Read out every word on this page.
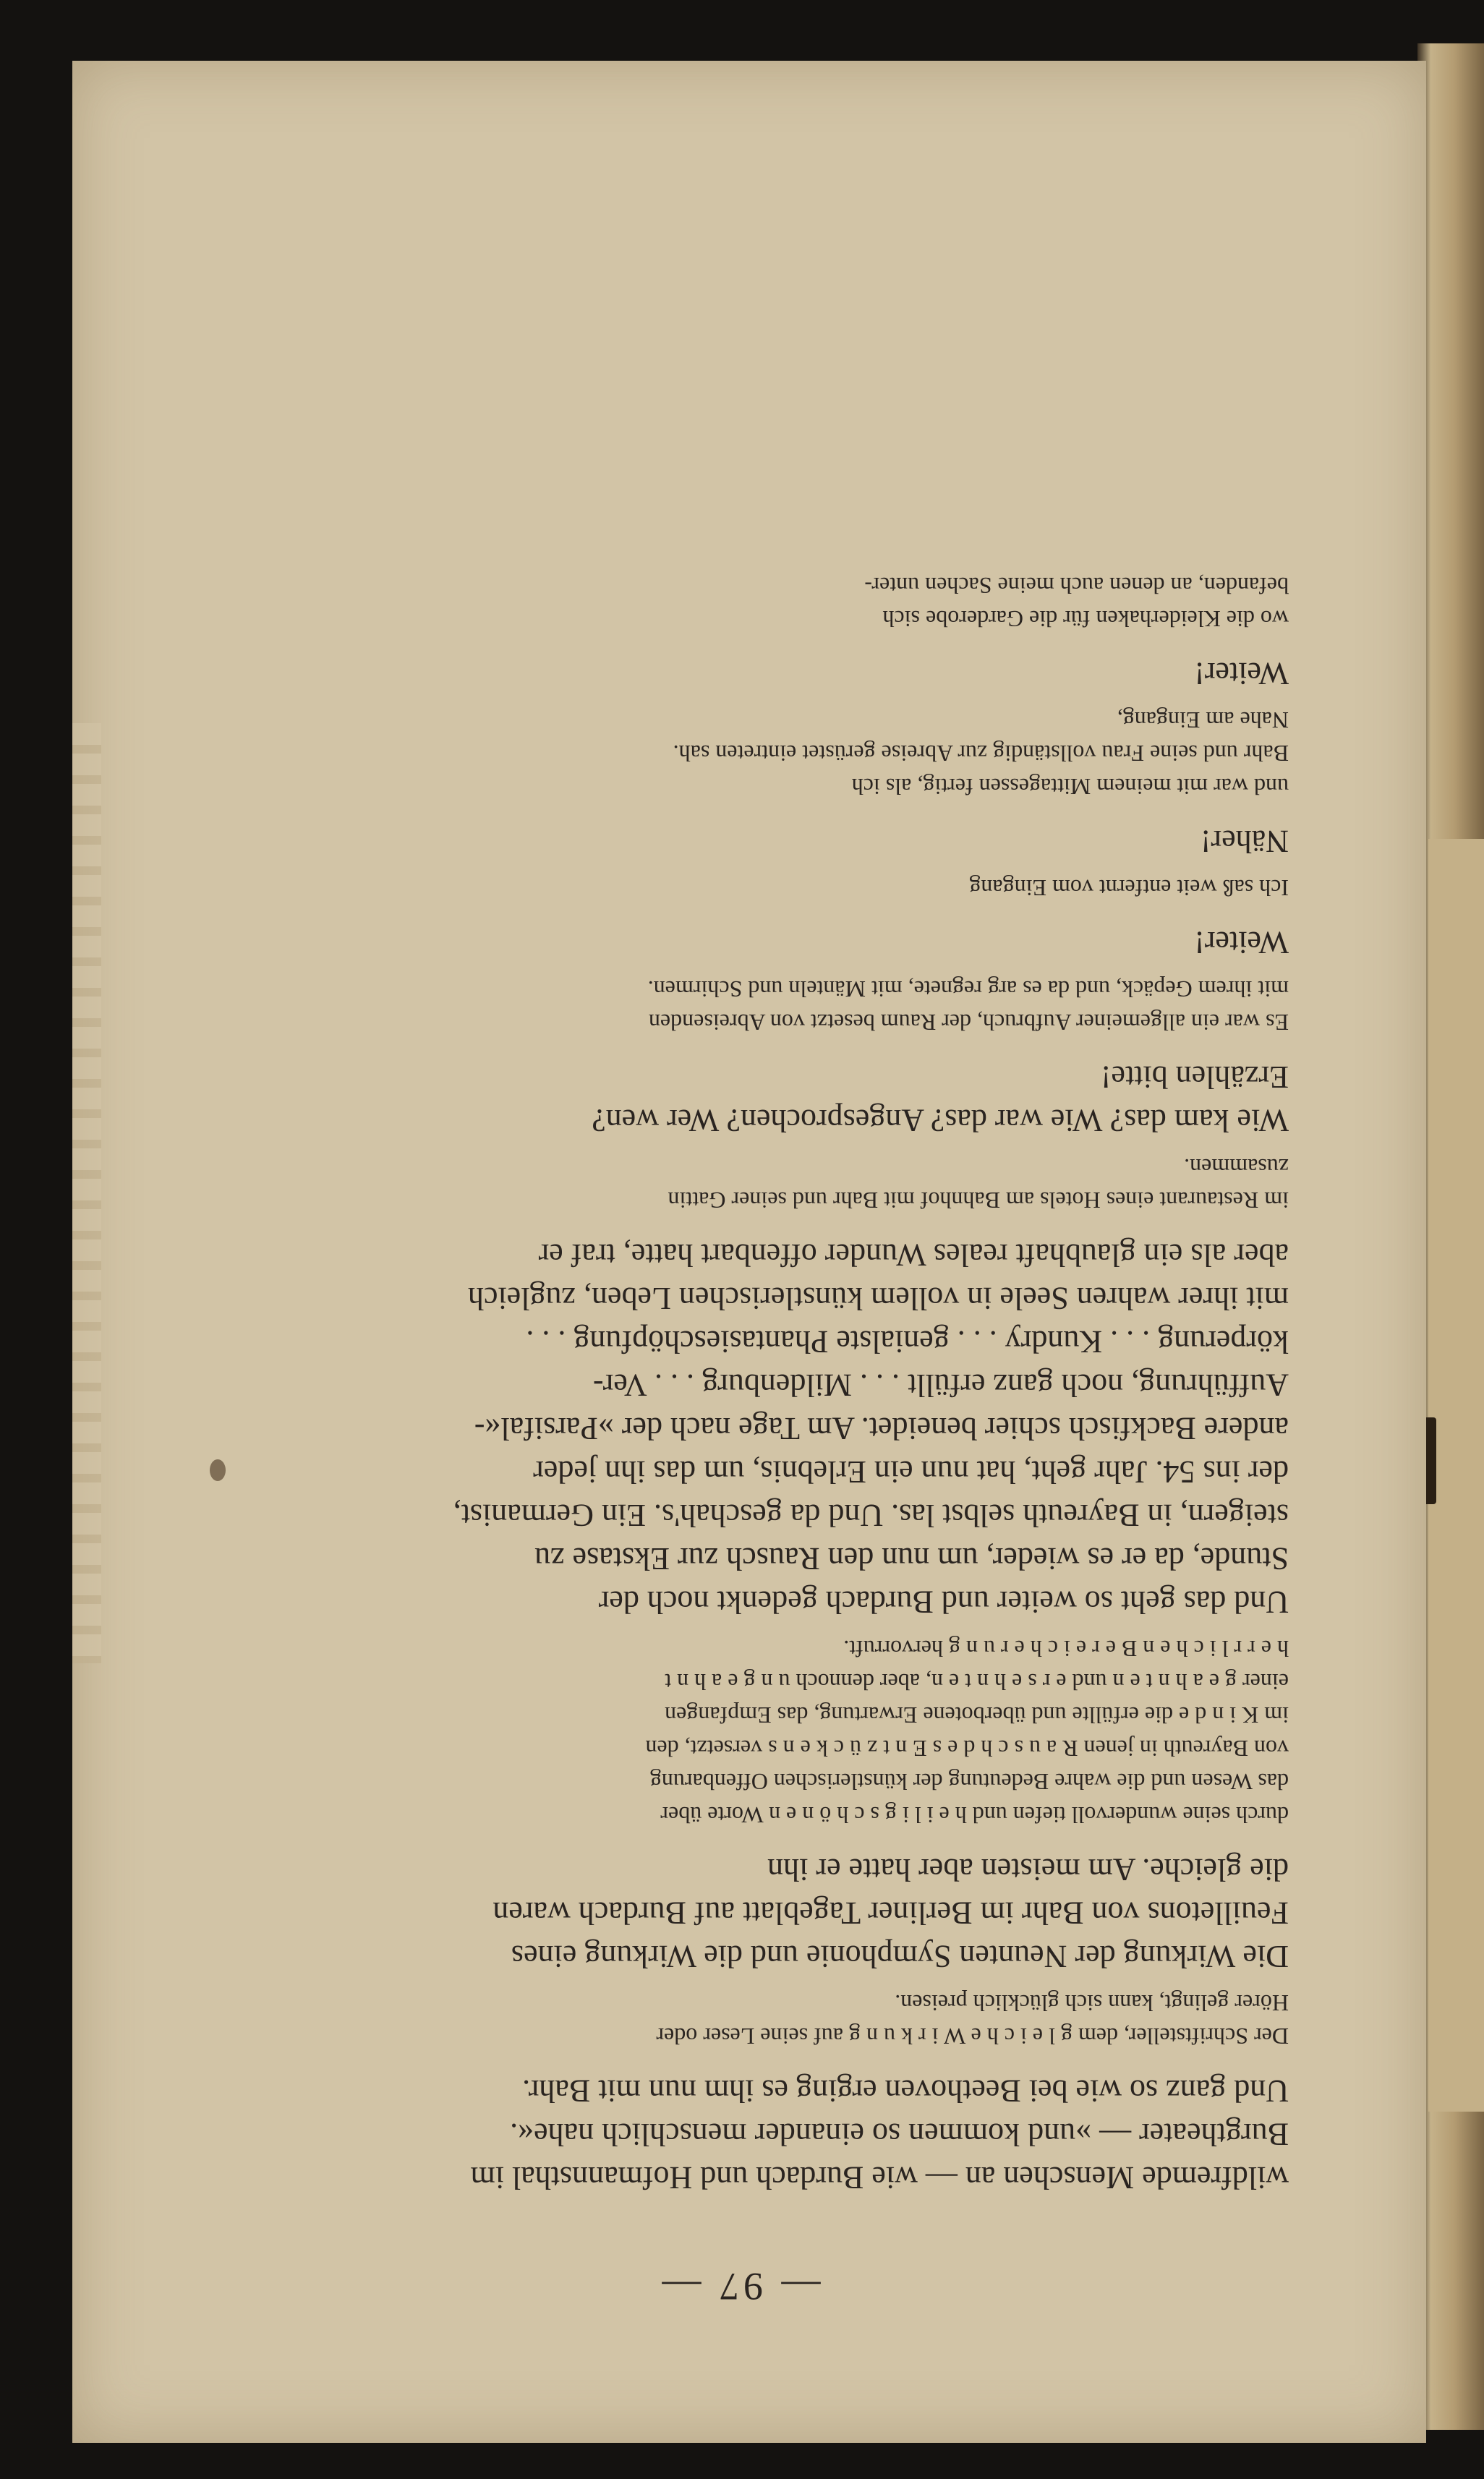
— 97 —

wildfremde Menschen an — wie Burdach und Hofmannsthal im
Burgtheater — »und kommen so einander menschlich nahe«.
Und ganz so wie bei Beethoven erging es ihm nun mit Bahr.

Der Schriftsteller, dem g l e i c h e W i r k u n g auf seine Leser oder
Hörer gelingt, kann sich glücklich preisen.

Die Wirkung der Neunten Symphonie und die Wirkung eines
Feuilletons von Bahr im Berliner Tageblatt auf Burdach waren
die gleiche. Am meisten aber hatte er ihn

durch seine wundervoll tiefen und h e i l i g s c h ö n e n Worte über
das Wesen und die wahre Bedeutung der künstlerischen Offenbarung
von Bayreuth in jenen R a u s c h d e s E n t z ü c k e n s versetzt, den
im K i n d e die erfüllte und überbotene Erwartung, das Empfangen
einer g e a h n t e n und e r s e h n t e n, aber dennoch u n g e a h n t
h e r r l i c h e n B e r e i c h e r u n g hervorruft.

Und das geht so weiter und Burdach gedenkt noch der
Stunde, da er es wieder, um nun den Rausch zur Ekstase zu
steigern, in Bayreuth selbst las. Und da geschah's. Ein Germanist,
der ins 54. Jahr geht, hat nun ein Erlebnis, um das ihn jeder
andere Backfisch schier beneidet. Am Tage nach der »Parsifal«-
Aufführung, noch ganz erfüllt . . . Mildenburg . . . Ver-
körperung . . . Kundry . . . genialste Phantasieschöpfung . . .
mit ihrer wahren Seele in vollem künstlerischen Leben, zugleich
aber als ein glaubhaft reales Wunder offenbart hatte, traf er

im Restaurant eines Hotels am Bahnhof mit Bahr und seiner Gattin
zusammen.

Wie kam das? Wie war das? Angesprochen? Wer wen?
Erzählen bitte!

Es war ein allgemeiner Aufbruch, der Raum besetzt von Abreisenden
mit ihrem Gepäck, und da es arg regnete, mit Mänteln und Schirmen.

Weiter!

Ich saß weit entfernt vom Eingang

Näher!

und war mit meinem Mittagessen fertig, als ich
Bahr und seine Frau vollständig zur Abreise gerüstet eintreten sah.
Nahe am Eingang,

Weiter!

wo die Kleiderhaken für die Garderobe sich
befanden, an denen auch meine Sachen unter-
